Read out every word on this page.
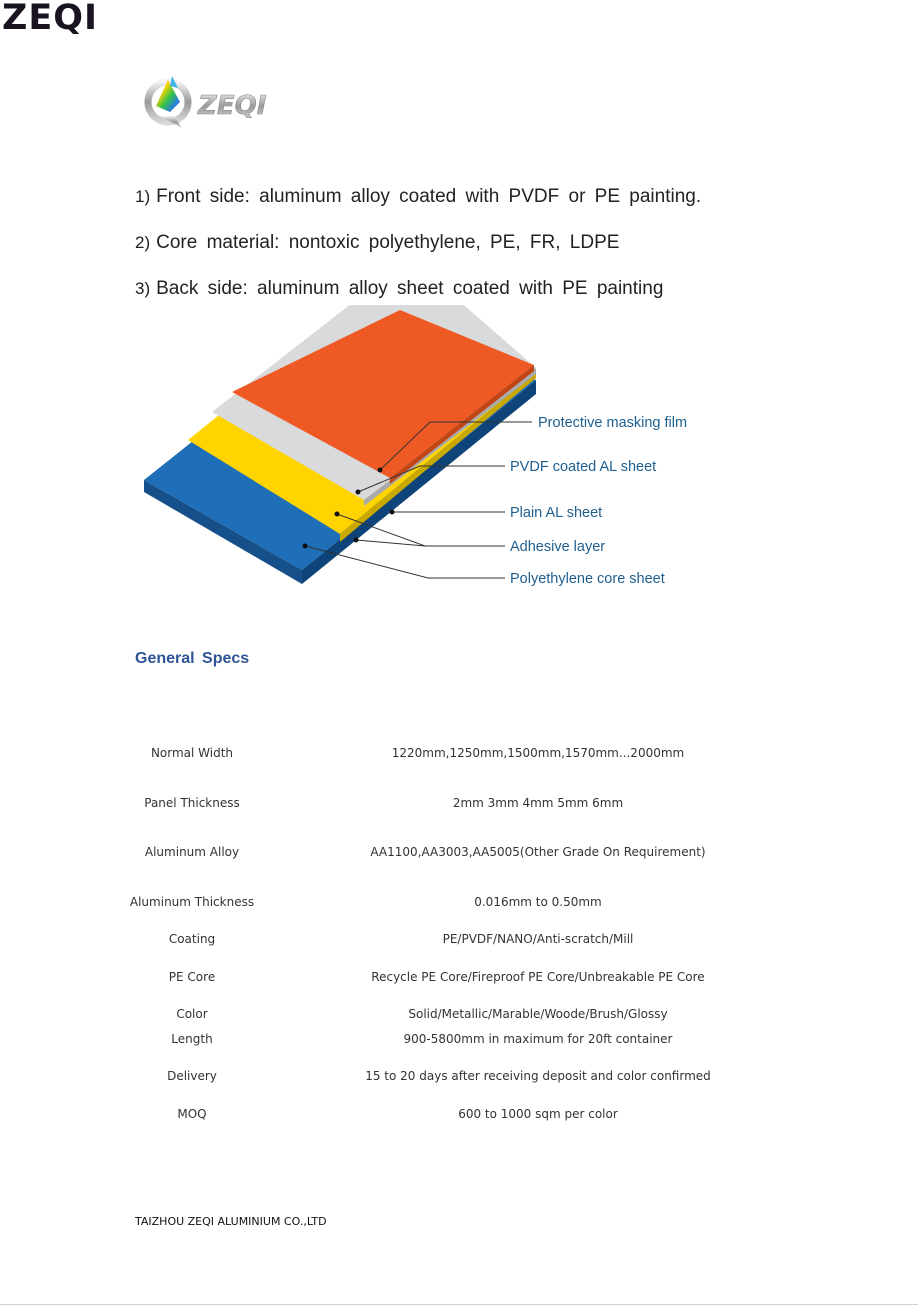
ZEQI
ZEQI
1) Front side: aluminum alloy coated with PVDF or PE painting.
2) Core material: nontoxic polyethylene, PE, FR, LDPE
3) Back side: aluminum alloy sheet coated with PE painting
Protective masking film
PVDF coated AL sheet
Plain AL sheet
Adhesive layer
Polyethylene core sheet
General Specs
Normal Width	1220mm,1250mm,1500mm,1570mm...2000mm
Panel Thickness	2mm 3mm 4mm 5mm 6mm
Aluminum Alloy	AA1100,AA3003,AA5005(Other Grade On Requirement)
Aluminum Thickness	0.016mm to 0.50mm
Coating	PE/PVDF/NANO/Anti-scratch/Mill
PE Core	Recycle PE Core/Fireproof PE Core/Unbreakable PE Core
Color	Solid/Metallic/Marable/Woode/Brush/Glossy
Length	900-5800mm in maximum for 20ft container
Delivery	15 to 20 days after receiving deposit and color confirmed
MOQ	600 to 1000 sqm per color
TAIZHOU ZEQI ALUMINIUM CO.,LTD
